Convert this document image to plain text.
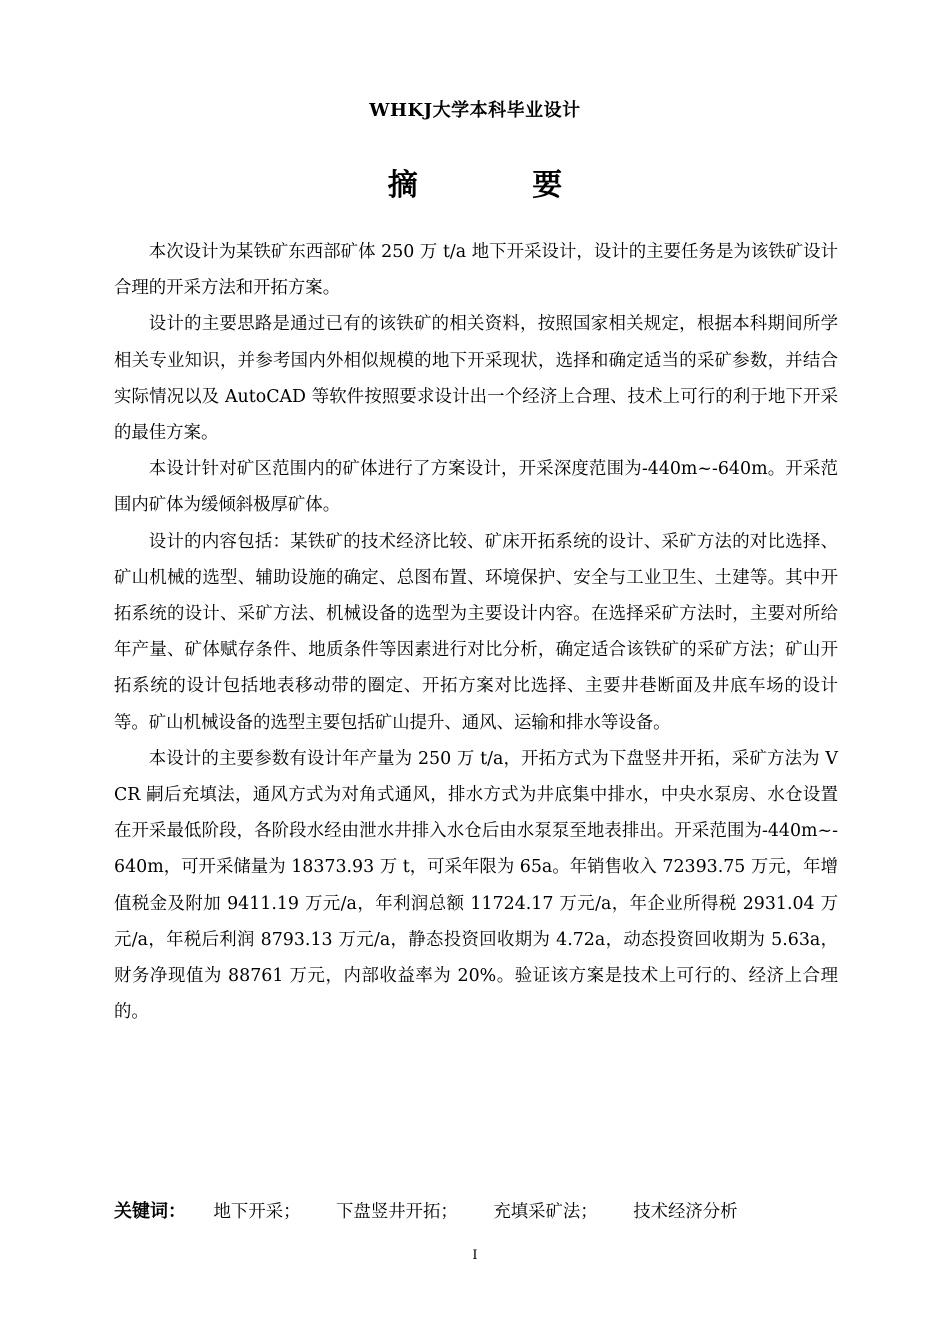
WHKJ大学本科毕业设计
摘 要

本次设计为某铁矿东西部矿体 250 万 t/a 地下开采设计，设计的主要任务是为该铁矿设计合理的开采方法和开拓方案。

设计的主要思路是通过已有的该铁矿的相关资料，按照国家相关规定，根据本科期间所学相关专业知识，并参考国内外相似规模的地下开采现状，选择和确定适当的采矿参数，并结合实际情况以及 AutoCAD 等软件按照要求设计出一个经济上合理、技术上可行的利于地下开采的最佳方案。

本设计针对矿区范围内的矿体进行了方案设计，开采深度范围为-440m~-640m。开采范围内矿体为缓倾斜极厚矿体。

设计的内容包括：某铁矿的技术经济比较、矿床开拓系统的设计、采矿方法的对比选择、矿山机械的选型、辅助设施的确定、总图布置、环境保护、安全与工业卫生、土建等。其中开拓系统的设计、采矿方法、机械设备的选型为主要设计内容。在选择采矿方法时，主要对所给年产量、矿体赋存条件、地质条件等因素进行对比分析，确定适合该铁矿的采矿方法；矿山开拓系统的设计包括地表移动带的圈定、开拓方案对比选择、主要井巷断面及井底车场的设计等。矿山机械设备的选型主要包括矿山提升、通风、运输和排水等设备。

本设计的主要参数有设计年产量为 250 万 t/a，开拓方式为下盘竖井开拓，采矿方法为 VCR 嗣后充填法，通风方式为对角式通风，排水方式为井底集中排水，中央水泵房、水仓设置在开采最低阶段，各阶段水经由泄水井排入水仓后由水泵泵至地表排出。开采范围为-440m~-640m，可开采储量为 18373.93 万 t，可采年限为 65a。年销售收入 72393.75 万元，年增值税金及附加 9411.19 万元/a，年利润总额 11724.17 万元/a，年企业所得税 2931.04 万元/a，年税后利润 8793.13 万元/a，静态投资回收期为 4.72a，动态投资回收期为 5.63a，财务净现值为 88761 万元，内部收益率为 20%。验证该方案是技术上可行的、经济上合理的。

关键词： 地下开采； 下盘竖井开拓； 充填采矿法； 技术经济分析
I
